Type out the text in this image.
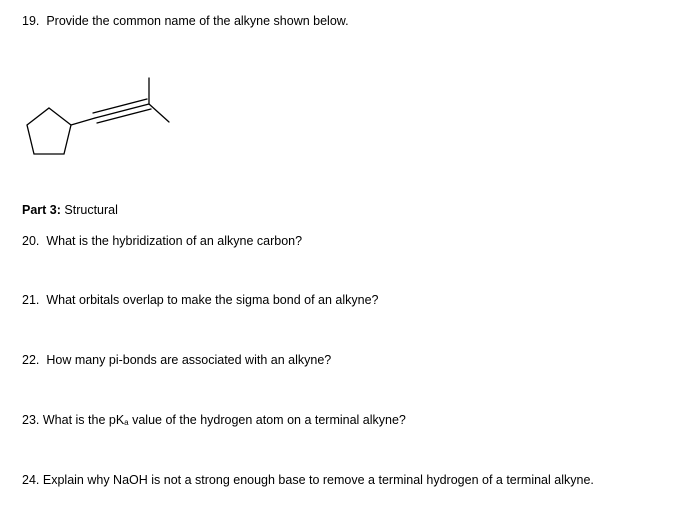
19. Provide the common name of the alkyne shown below.
Part 3: Structural
20. What is the hybridization of an alkyne carbon?
21. What orbitals overlap to make the sigma bond of an alkyne?
22. How many pi-bonds are associated with an alkyne?
23. What is the $pK_a$ value of the hydrogen atom on a terminal alkyne?
24. Explain why NaOH is not a strong enough base to remove a terminal hydrogen of a terminal alkyne.
